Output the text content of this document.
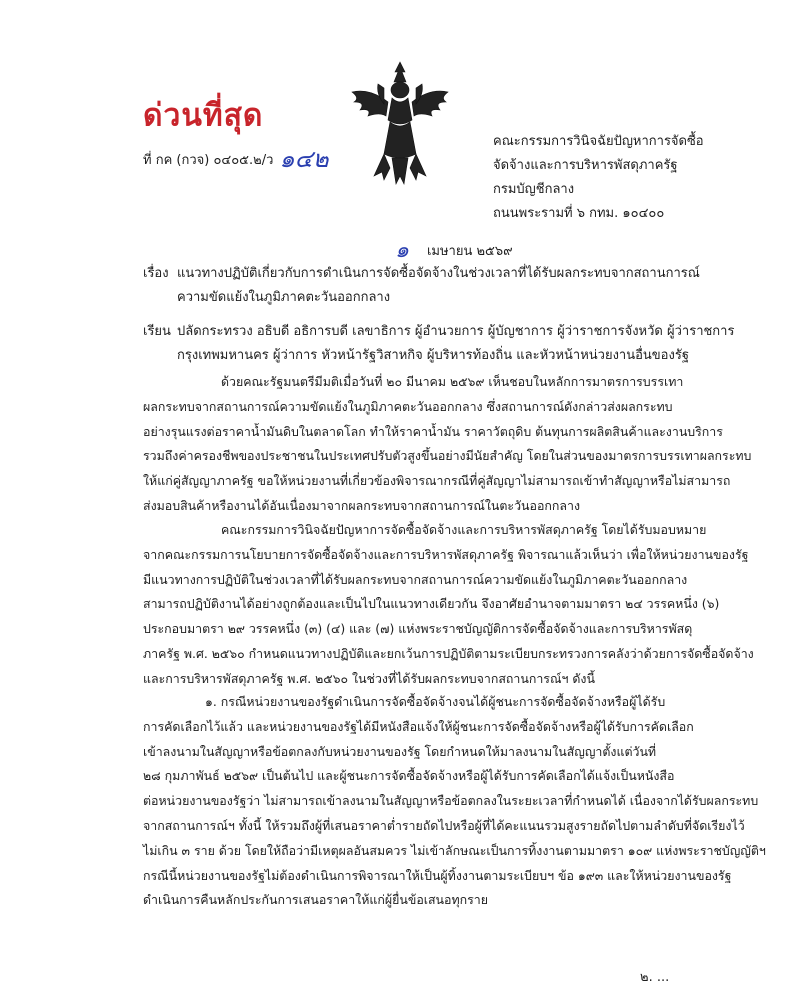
ด่วนที่สุด
ที่ กค (กวจ) ๐๔๐๕.๒/ว ๑๔๒
คณะกรรมการวินิจฉัยปัญหาการจัดซื้อ
จัดจ้างและการบริหารพัสดุภาครัฐ
กรมบัญชีกลาง
ถนนพระรามที่ ๖ กทม. ๑๐๔๐๐
๑ เมษายน ๒๕๖๙
เรื่อง แนวทางปฏิบัติเกี่ยวกับการดำเนินการจัดซื้อจัดจ้างในช่วงเวลาที่ได้รับผลกระทบจากสถานการณ์
ความขัดแย้งในภูมิภาคตะวันออกกลาง
เรียน ปลัดกระทรวง อธิบดี อธิการบดี เลขาธิการ ผู้อำนวยการ ผู้บัญชาการ ผู้ว่าราชการจังหวัด ผู้ว่าราชการ
กรุงเทพมหานคร ผู้ว่าการ หัวหน้ารัฐวิสาหกิจ ผู้บริหารท้องถิ่น และหัวหน้าหน่วยงานอื่นของรัฐ
ด้วยคณะรัฐมนตรีมีมติเมื่อวันที่ ๒๐ มีนาคม ๒๕๖๙ เห็นชอบในหลักการมาตรการบรรเทา
ผลกระทบจากสถานการณ์ความขัดแย้งในภูมิภาคตะวันออกกลาง ซึ่งสถานการณ์ดังกล่าวส่งผลกระทบ
อย่างรุนแรงต่อราคาน้ำมันดิบในตลาดโลก ทำให้ราคาน้ำมัน ราคาวัตถุดิบ ต้นทุนการผลิตสินค้าและงานบริการ
รวมถึงค่าครองชีพของประชาชนในประเทศปรับตัวสูงขึ้นอย่างมีนัยสำคัญ โดยในส่วนของมาตรการบรรเทาผลกระทบ
ให้แก่คู่สัญญาภาครัฐ ขอให้หน่วยงานที่เกี่ยวข้องพิจารณากรณีที่คู่สัญญาไม่สามารถเข้าทำสัญญาหรือไม่สามารถ
ส่งมอบสินค้าหรืองานได้อันเนื่องมาจากผลกระทบจากสถานการณ์ในตะวันออกกลาง
คณะกรรมการวินิจฉัยปัญหาการจัดซื้อจัดจ้างและการบริหารพัสดุภาครัฐ โดยได้รับมอบหมาย
จากคณะกรรมการนโยบายการจัดซื้อจัดจ้างและการบริหารพัสดุภาครัฐ พิจารณาแล้วเห็นว่า เพื่อให้หน่วยงานของรัฐ
มีแนวทางการปฏิบัติในช่วงเวลาที่ได้รับผลกระทบจากสถานการณ์ความขัดแย้งในภูมิภาคตะวันออกกลาง
สามารถปฏิบัติงานได้อย่างถูกต้องและเป็นไปในแนวทางเดียวกัน จึงอาศัยอำนาจตามมาตรา ๒๔ วรรคหนึ่ง (๖)
ประกอบมาตรา ๒๙ วรรคหนึ่ง (๓) (๔) และ (๗) แห่งพระราชบัญญัติการจัดซื้อจัดจ้างและการบริหารพัสดุ
ภาครัฐ พ.ศ. ๒๕๖๐ กำหนดแนวทางปฏิบัติและยกเว้นการปฏิบัติตามระเบียบกระทรวงการคลังว่าด้วยการจัดซื้อจัดจ้าง
และการบริหารพัสดุภาครัฐ พ.ศ. ๒๕๖๐ ในช่วงที่ได้รับผลกระทบจากสถานการณ์ฯ ดังนี้
๑. กรณีหน่วยงานของรัฐดำเนินการจัดซื้อจัดจ้างจนได้ผู้ชนะการจัดซื้อจัดจ้างหรือผู้ได้รับ
การคัดเลือกไว้แล้ว และหน่วยงานของรัฐได้มีหนังสือแจ้งให้ผู้ชนะการจัดซื้อจัดจ้างหรือผู้ได้รับการคัดเลือก
เข้าลงนามในสัญญาหรือข้อตกลงกับหน่วยงานของรัฐ โดยกำหนดให้มาลงนามในสัญญาตั้งแต่วันที่
๒๘ กุมภาพันธ์ ๒๕๖๙ เป็นต้นไป และผู้ชนะการจัดซื้อจัดจ้างหรือผู้ได้รับการคัดเลือกได้แจ้งเป็นหนังสือ
ต่อหน่วยงานของรัฐว่า ไม่สามารถเข้าลงนามในสัญญาหรือข้อตกลงในระยะเวลาที่กำหนดได้ เนื่องจากได้รับผลกระทบ
จากสถานการณ์ฯ ทั้งนี้ ให้รวมถึงผู้ที่เสนอราคาต่ำรายถัดไปหรือผู้ที่ได้คะแนนรวมสูงรายถัดไปตามลำดับที่จัดเรียงไว้
ไม่เกิน ๓ ราย ด้วย โดยให้ถือว่ามีเหตุผลอันสมควร ไม่เข้าลักษณะเป็นการทิ้งงานตามมาตรา ๑๐๙ แห่งพระราชบัญญัติฯ
กรณีนี้หน่วยงานของรัฐไม่ต้องดำเนินการพิจารณาให้เป็นผู้ทิ้งงานตามระเบียบฯ ข้อ ๑๙๓ และให้หน่วยงานของรัฐ
ดำเนินการคืนหลักประกันการเสนอราคาให้แก่ผู้ยื่นข้อเสนอทุกราย
๒. ...
